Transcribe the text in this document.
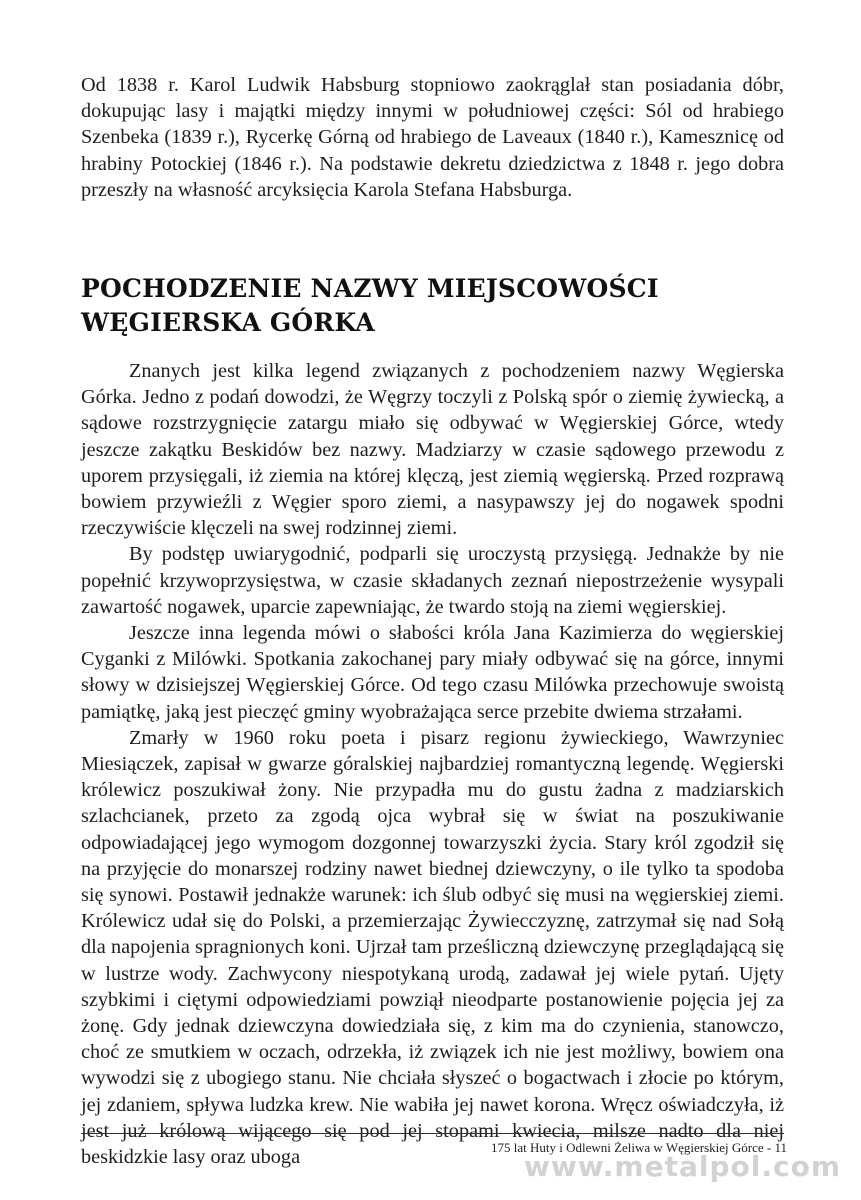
Od 1838 r. Karol Ludwik Habsburg stopniowo zaokrąglał stan posiadania dóbr, dokupując lasy i majątki między innymi w południowej części: Sól od hrabiego Szenbeka (1839 r.), Rycerkę Górną od hrabiego de Laveaux (1840 r.), Kamesznicę od hrabiny Potockiej (1846 r.). Na podstawie dekretu dziedzictwa z 1848 r. jego dobra przeszły na własność arcyksięcia Karola Stefana Habsburga.

POCHODZENIE NAZWY MIEJSCOWOŚCI
WĘGIERSKA GÓRKA

Znanych jest kilka legend związanych z pochodzeniem nazwy Węgierska Górka. Jedno z podań dowodzi, że Węgrzy toczyli z Polską spór o ziemię żywiecką, a sądowe rozstrzygnięcie zatargu miało się odbywać w Węgierskiej Górce, wtedy jeszcze zakątku Beskidów bez nazwy. Madziarzy w czasie sądowego przewodu z uporem przysięgali, iż ziemia na której klęczą, jest ziemią węgierską. Przed rozprawą bowiem przywieźli z Węgier sporo ziemi, a nasypawszy jej do nogawek spodni rzeczywiście klęczeli na swej rodzinnej ziemi.

By podstęp uwiarygodnić, podparli się uroczystą przysięgą. Jednakże by nie popełnić krzywoprzysięstwa, w czasie składanych zeznań niepostrzeżenie wysypali zawartość nogawek, uparcie zapewniając, że twardo stoją na ziemi węgierskiej.

Jeszcze inna legenda mówi o słabości króla Jana Kazimierza do węgierskiej Cyganki z Milówki. Spotkania zakochanej pary miały odbywać się na górce, innymi słowy w dzisiejszej Węgierskiej Górce. Od tego czasu Milówka przechowuje swoistą pamiątkę, jaką jest pieczęć gminy wyobrażająca serce przebite dwiema strzałami.

Zmarły w 1960 roku poeta i pisarz regionu żywieckiego, Wawrzyniec Miesiączek, zapisał w gwarze góralskiej najbardziej romantyczną legendę. Węgierski królewicz poszukiwał żony. Nie przypadła mu do gustu żadna z madziarskich szlachcianek, przeto za zgodą ojca wybrał się w świat na poszukiwanie odpowiadającej jego wymogom dozgonnej towarzyszki życia. Stary król zgodził się na przyjęcie do monarszej rodziny nawet biednej dziewczyny, o ile tylko ta spodoba się synowi. Postawił jednakże warunek: ich ślub odbyć się musi na węgierskiej ziemi. Królewicz udał się do Polski, a przemierzając Żywiecczyznę, zatrzymał się nad Sołą dla napojenia spragnionych koni. Ujrzał tam prześliczną dziewczynę przeglądającą się w lustrze wody. Zachwycony niespotykaną urodą, zadawał jej wiele pytań. Ujęty szybkimi i ciętymi odpowiedziami powziął nieodparte postanowienie pojęcia jej za żonę. Gdy jednak dziewczyna dowiedziała się, z kim ma do czynienia, stanowczo, choć ze smutkiem w oczach, odrzekła, iż związek ich nie jest możliwy, bowiem ona wywodzi się z ubogiego stanu. Nie chciała słyszeć o bogactwach i złocie po którym, jej zdaniem, spływa ludzka krew. Nie wabiła jej nawet korona. Wręcz oświadczyła, iż jest już królową wijącego się pod jej stopami kwiecia, milsze nadto dla niej beskidzkie lasy oraz uboga	175 lat Huty i Odlewni Żeliwa w Węgierskiej Górce - 11
www.metalpol.com
